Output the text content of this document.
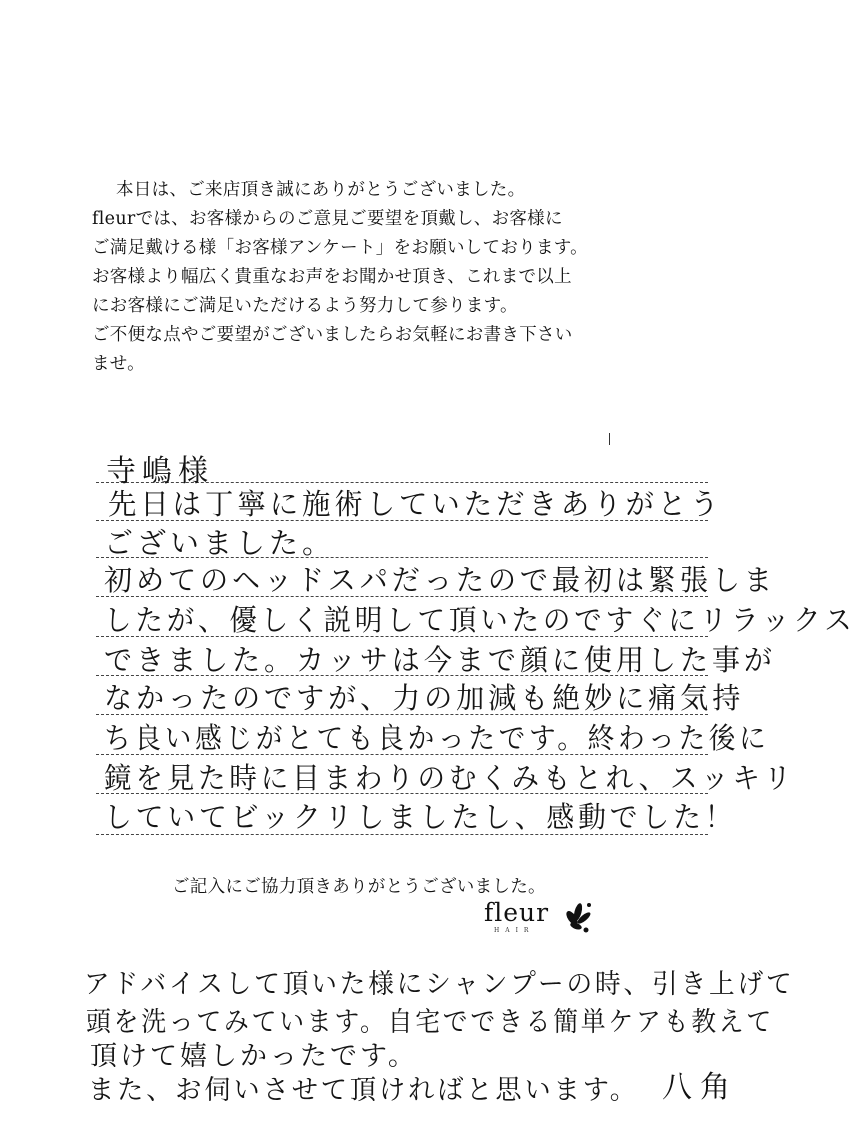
本日は、ご来店頂き誠にありがとうございました。

fleurでは、お客様からのご意見ご要望を頂戴し、お客様に

ご満足戴ける様「お客様アンケート」をお願いしております。

お客様より幅広く貴重なお声をお聞かせ頂き、これまで以上

にお客様にご満足いただけるよう努力して参ります。

ご不便な点やご要望がございましたらお気軽にお書き下さい

ませ。

寺嶋様
先日は丁寧に施術していただきありがとう
ございました。
初めてのヘッドスパだったので最初は緊張しま
したが、優しく説明して頂いたのですぐにリラックス
できました。カッサは今まで顔に使用した事が
なかったのですが、力の加減も絶妙に痛気持
ち良い感じがとても良かったです。終わった後に
鏡を見た時に目まわりのむくみもとれ、スッキリ
していてビックリしましたし、感動でした！
ご記入にご協力頂きありがとうございました。
fleur
HAIR
アドバイスして頂いた様にシャンプーの時、引き上げて
頭を洗ってみています。自宅でできる簡単ケアも教えて
頂けて嬉しかったです。
また、お伺いさせて頂ければと思います。 八角
